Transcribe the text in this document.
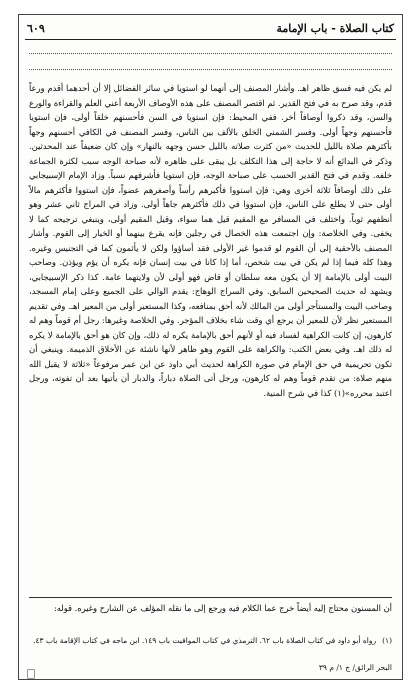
كتاب الصلاة - باب الإمامة
٦٠٩

لم يكن فيه فسق ظاهر اهـ. وأشار المصنف إلى أنهما لو استويا في سائر الفضائل إلا أن أحدهما أقدم ورعاً قدم، وقد صرح به في فتح القدير. ثم اقتصر المصنف على هذه الأوصاف الأربعة أعني العلم والقراءة والورع والسن، وقد ذكروا أوصافاً أخر. ففي المحيط: فإن استويا في السن فأحسنهم خلقاً أولى، فإن استويا فأحسنهم وجهاً أولى. وفسر الشمني الخلق بالألف بين الناس، وفسر المصنف في الكافي أحسنهم وجهاً بأكثرهم صلاة بالليل للحديث «من كثرت صلاته بالليل حسن وجهه بالنهار» وإن كان ضعيفاً عند المحدثين. وذكر في البدائع أنه لا حاجة إلى هذا التكلف بل يبقى على ظاهره لأنه صباحة الوجه سبب لكثرة الجماعة خلفه. وقدم في فتح القدير الحسب على صباحة الوجه، فإن استويا فأشرفهم نسباً. وزاد الإمام الإسبيجابي على ذلك أوصافاً ثلاثة أخرى وهي: فإن استووا فأكبرهم رأساً وأصغرهم عضواً، فإن استووا فأكثرهم مالاً أولى حتى لا يطلع على الناس، فإن استووا في ذلك فأكثرهم جاهاً أولى. وزاد في المراج ثاني عشر وهو أنظفهم ثوباً. واختلف في المسافر مع المقيم قيل هما سواء، وقيل المقيم أولى، وينبغي ترجيحه كما لا يخفى. وفي الخلاصة: وإن اجتمعت هذه الخصال في رجلين فإنه يقرع بينهما أو الخيار إلى القوم. وأشار المصنف بالأحقية إلى أن القوم لو قدموا غير الأولى فقد أساؤوا ولكن لا يأثمون كما في التجنيس وغيره. وهذا كله فيما إذا لم يكن في بيت شخص، أما إذا كانا في بيت إنسان فإنه يكره أن يؤم ويؤذن. وصاحب البيت أولى بالإمامة إلا أن يكون معه سلطان أو قاض فهو أولى لأن ولايتهما عامة. كذا ذكر الإسبيجابي، ويشهد له حديث الصحيحين السابق. وفي السراج الوهاج: يقدم الوالي على الجميع وعلى إمام المسجد، وصاحب البيت والمستأجر أولى من المالك لأنه أحق بمنافعه، وكذا المستعير أولى من المعير اهـ. وفي تقديم المستعير نظر لأن للمعير أن يرجع أي وقت شاء بخلاف المؤجر. وفي الخلاصة وغيرها: رجل أم قوماً وهم له كارهون، إن كانت الكراهية لفساد فيه أو لأنهم أحق بالإمامة يكره له ذلك، وإن كان هو أحق بالإمامة لا يكره له ذلك اهـ. وفي بعض الكتب: والكراهة على القوم وهو ظاهر لأنها ناشئة عن الأخلاق الذميمة. وينبغي أن تكون تحريمية في حق الإمام في صورة الكراهة لحديث أبي داود عن ابن عمر مرفوعاً «ثلاثة لا يقبل الله منهم صلاة: من تقدم قوماً وهم له كارهون، ورجل أتى الصلاة دباراً، والدبار أن يأتيها بعد أن تفوته، ورجل اعتبد محرره»(١) كذا في شرح المنية.

أن المسنون محتاج إليه أيضاً خرج عما الكلام فيه ورجع إلى ما نقله المؤلف عن الشارح وغيره. قوله:

(١)
رواه أبو داود في كتاب الصلاة باب ٦٢. الترمذي في كتاب المواقيت باب ١٤٩. ابن ماجه في كتاب الإقامة باب ٤٣.
البحر الرائق/ ج ١/ م ٣٩
